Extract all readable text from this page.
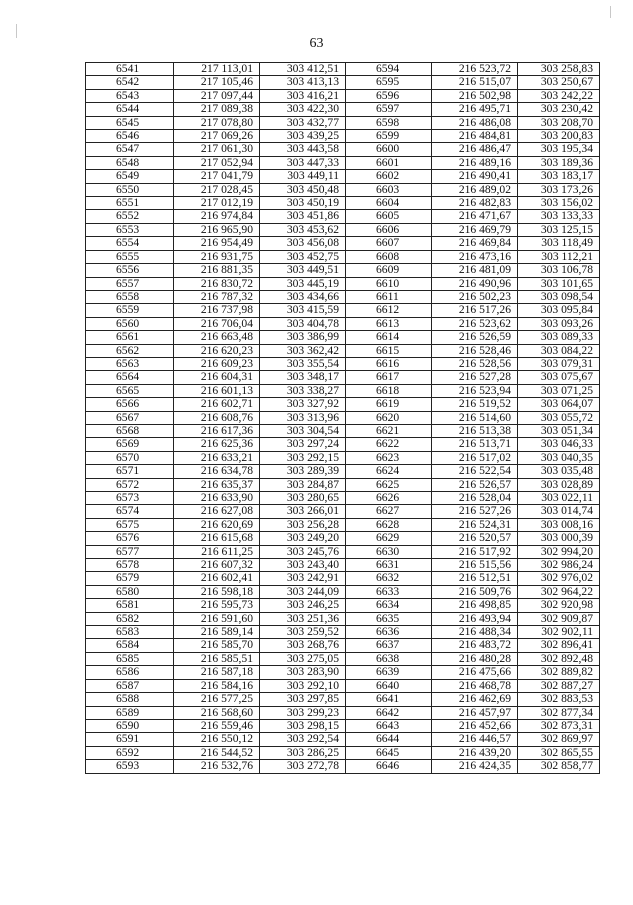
63
6541	217 113,01	303 412,51	6594	216 523,72	303 258,83
6542	217 105,46	303 413,13	6595	216 515,07	303 250,67
6543	217 097,44	303 416,21	6596	216 502,98	303 242,22
6544	217 089,38	303 422,30	6597	216 495,71	303 230,42
6545	217 078,80	303 432,77	6598	216 486,08	303 208,70
6546	217 069,26	303 439,25	6599	216 484,81	303 200,83
6547	217 061,30	303 443,58	6600	216 486,47	303 195,34
6548	217 052,94	303 447,33	6601	216 489,16	303 189,36
6549	217 041,79	303 449,11	6602	216 490,41	303 183,17
6550	217 028,45	303 450,48	6603	216 489,02	303 173,26
6551	217 012,19	303 450,19	6604	216 482,83	303 156,02
6552	216 974,84	303 451,86	6605	216 471,67	303 133,33
6553	216 965,90	303 453,62	6606	216 469,79	303 125,15
6554	216 954,49	303 456,08	6607	216 469,84	303 118,49
6555	216 931,75	303 452,75	6608	216 473,16	303 112,21
6556	216 881,35	303 449,51	6609	216 481,09	303 106,78
6557	216 830,72	303 445,19	6610	216 490,96	303 101,65
6558	216 787,32	303 434,66	6611	216 502,23	303 098,54
6559	216 737,98	303 415,59	6612	216 517,26	303 095,84
6560	216 706,04	303 404,78	6613	216 523,62	303 093,26
6561	216 663,48	303 386,99	6614	216 526,59	303 089,33
6562	216 620,23	303 362,42	6615	216 528,46	303 084,22
6563	216 609,23	303 355,54	6616	216 528,56	303 079,31
6564	216 604,31	303 348,17	6617	216 527,28	303 075,67
6565	216 601,13	303 338,27	6618	216 523,94	303 071,25
6566	216 602,71	303 327,92	6619	216 519,52	303 064,07
6567	216 608,76	303 313,96	6620	216 514,60	303 055,72
6568	216 617,36	303 304,54	6621	216 513,38	303 051,34
6569	216 625,36	303 297,24	6622	216 513,71	303 046,33
6570	216 633,21	303 292,15	6623	216 517,02	303 040,35
6571	216 634,78	303 289,39	6624	216 522,54	303 035,48
6572	216 635,37	303 284,87	6625	216 526,57	303 028,89
6573	216 633,90	303 280,65	6626	216 528,04	303 022,11
6574	216 627,08	303 266,01	6627	216 527,26	303 014,74
6575	216 620,69	303 256,28	6628	216 524,31	303 008,16
6576	216 615,68	303 249,20	6629	216 520,57	303 000,39
6577	216 611,25	303 245,76	6630	216 517,92	302 994,20
6578	216 607,32	303 243,40	6631	216 515,56	302 986,24
6579	216 602,41	303 242,91	6632	216 512,51	302 976,02
6580	216 598,18	303 244,09	6633	216 509,76	302 964,22
6581	216 595,73	303 246,25	6634	216 498,85	302 920,98
6582	216 591,60	303 251,36	6635	216 493,94	302 909,87
6583	216 589,14	303 259,52	6636	216 488,34	302 902,11
6584	216 585,70	303 268,76	6637	216 483,72	302 896,41
6585	216 585,51	303 275,05	6638	216 480,28	302 892,48
6586	216 587,18	303 283,90	6639	216 475,66	302 889,82
6587	216 584,16	303 292,10	6640	216 468,78	302 887,27
6588	216 577,25	303 297,85	6641	216 462,69	302 883,53
6589	216 568,60	303 299,23	6642	216 457,97	302 877,34
6590	216 559,46	303 298,15	6643	216 452,66	302 873,31
6591	216 550,12	303 292,54	6644	216 446,57	302 869,97
6592	216 544,52	303 286,25	6645	216 439,20	302 865,55
6593	216 532,76	303 272,78	6646	216 424,35	302 858,77
